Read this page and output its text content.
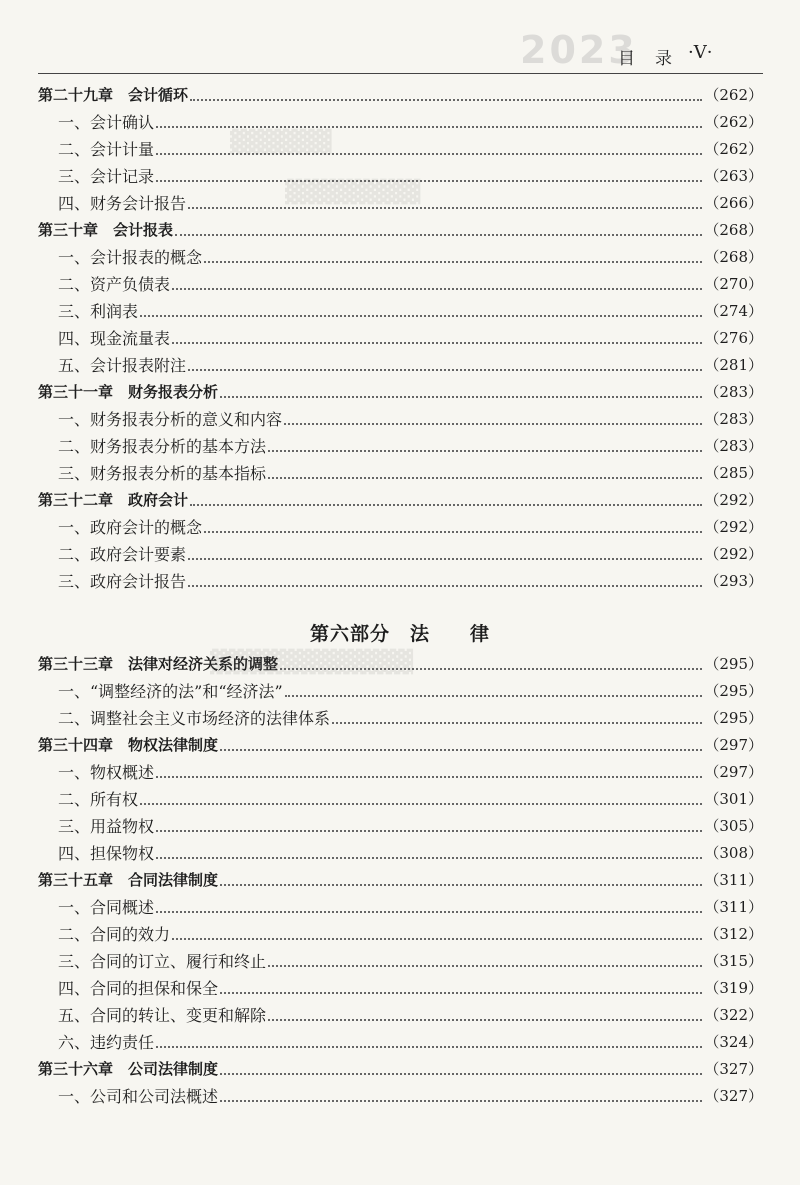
2023
目录
·V·
第二十九章　会计循环	（262）
一、会计确认	（262）
二、会计计量	（262）
三、会计记录	（263）
四、财务会计报告	（266）
第三十章　会计报表	（268）
一、会计报表的概念	（268）
二、资产负债表	（270）
三、利润表	（274）
四、现金流量表	（276）
五、会计报表附注	（281）
第三十一章　财务报表分析	（283）
一、财务报表分析的意义和内容	（283）
二、财务报表分析的基本方法	（283）
三、财务报表分析的基本指标	（285）
第三十二章　政府会计	（292）
一、政府会计的概念	（292）
二、政府会计要素	（292）
三、政府会计报告	（293）
第六部分　法　　律
第三十三章　法律对经济关系的调整	（295）
一、“调整经济的法”和“经济法”	（295）
二、调整社会主义市场经济的法律体系	（295）
第三十四章　物权法律制度	（297）
一、物权概述	（297）
二、所有权	（301）
三、用益物权	（305）
四、担保物权	（308）
第三十五章　合同法律制度	（311）
一、合同概述	（311）
二、合同的效力	（312）
三、合同的订立、履行和终止	（315）
四、合同的担保和保全	（319）
五、合同的转让、变更和解除	（322）
六、违约责任	（324）
第三十六章　公司法律制度	（327）
一、公司和公司法概述	（327）
▓▓▓▓▓▓
▓▓▓▓▓▓▓▓
▓▓▓▓▓▓▓▓▓▓▓▓
